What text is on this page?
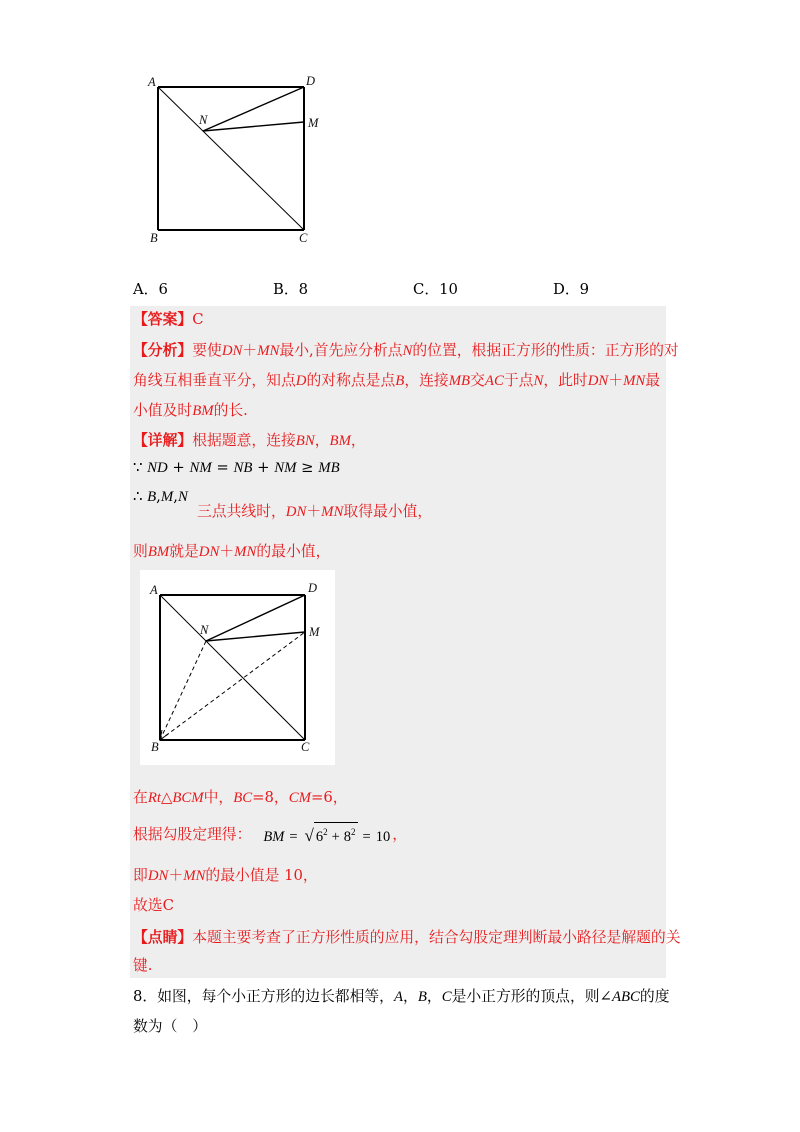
A	D
N	M
B	C
A．6	B．8	C．10	D．9
【答案】C
【分析】要使DN＋MN最小,首先应分析点N的位置，根据正方形的性质：正方形的对
角线互相垂直平分，知点D的对称点是点B，连接MB交AC于点N，此时DN＋MN最
小值及时BM的长.
【详解】根据题意，连接BN，BM，
∵ ND + NM = NB + NM ≥ MB
∴ B,M,N
三点共线时，DN＋MN取得最小值，
则BM就是DN＋MN的最小值，
A	D
N	M
B	C
在Rt△BCM中，BC=8，CM=6，
根据勾股定理得： BM = √ $6^2 + 8^2 = 10$ ，
即DN＋MN的最小值是 10，
故选C
【点睛】本题主要考查了正方形性质的应用，结合勾股定理判断最小路径是解题的关
键.
8．如图，每个小正方形的边长都相等，A，B，C是小正方形的顶点，则∠ABC的度
数为（　）
